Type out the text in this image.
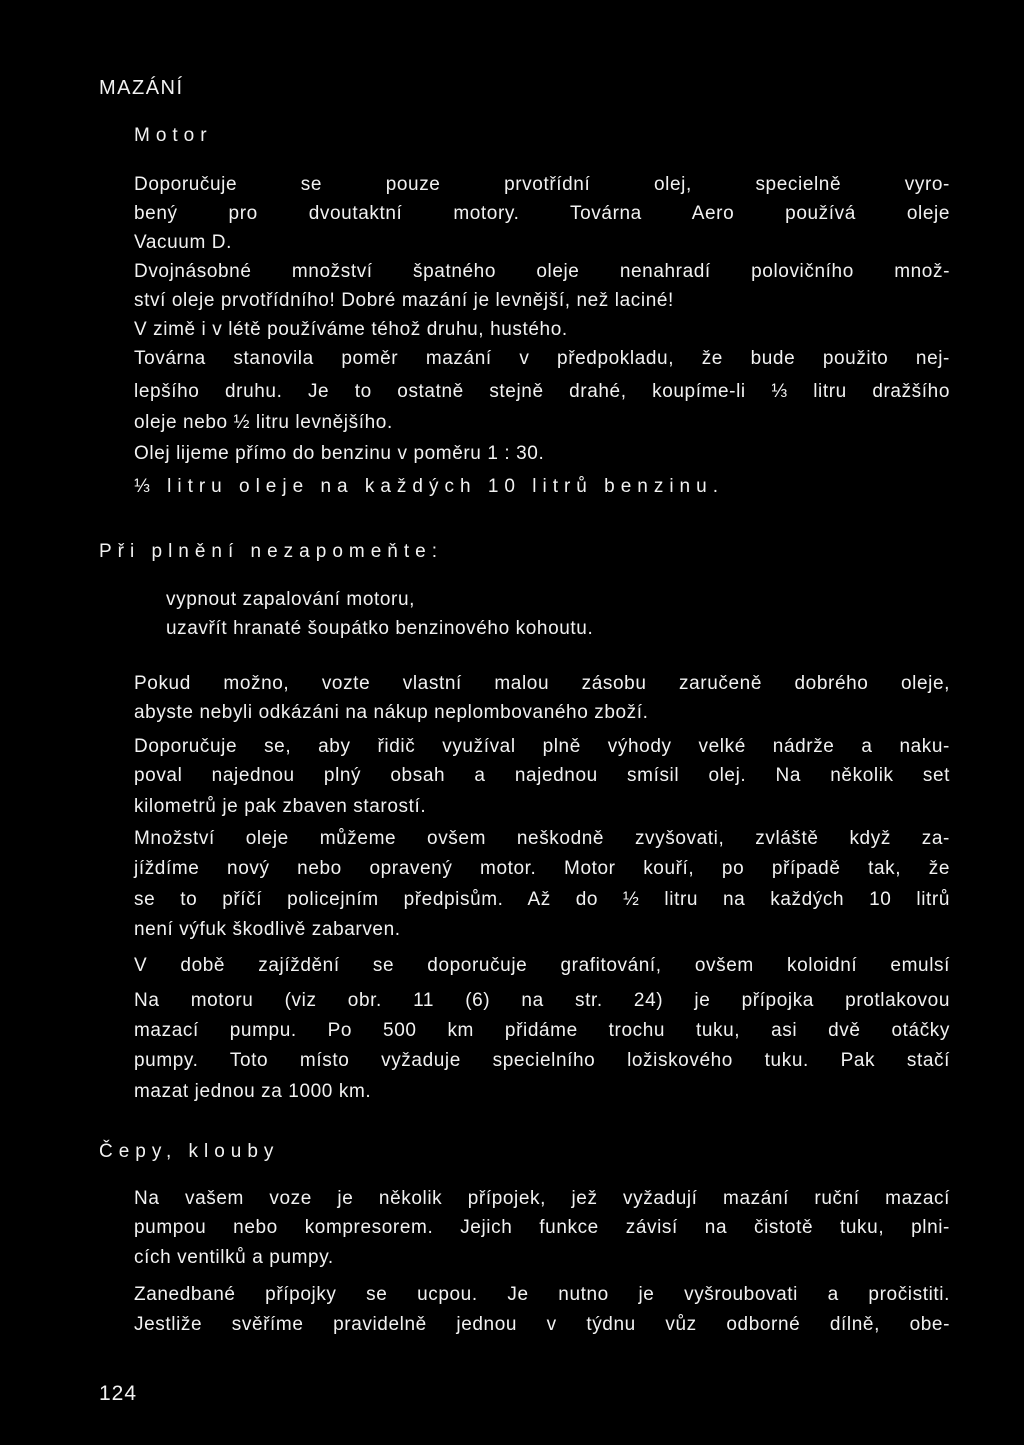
MAZÁNÍ
Motor
Doporučuje se pouze prvotřídní olej, specielně vyro-
bený pro dvoutaktní motory. Továrna Aero používá oleje
Vacuum D.
Dvojnásobné množství špatného oleje nenahradí polovičního množ-
ství oleje prvotřídního! Dobré mazání je levnější, než laciné!
V zimě i v létě používáme téhož druhu, hustého.
Továrna stanovila poměr mazání v předpokladu, že bude použito nej-
lepšího druhu. Je to ostatně stejně drahé, koupíme-li ⅓ litru dražšího
oleje nebo ½ litru levnějšího.
Olej lijeme přímo do benzinu v poměru 1 : 30.
⅓ litru oleje na každých 10 litrů benzinu.
Při plnění nezapomeňte:
vypnout zapalování motoru,
uzavřít hranaté šoupátko benzinového kohoutu.
Pokud možno, vozte vlastní malou zásobu zaručeně dobrého oleje,
abyste nebyli odkázáni na nákup neplombovaného zboží.
Doporučuje se, aby řidič využíval plně výhody velké nádrže a naku-
poval najednou plný obsah a najednou smísil olej. Na několik set
kilometrů je pak zbaven starostí.
Množství oleje můžeme ovšem neškodně zvyšovati, zvláště když za-
jíždíme nový nebo opravený motor. Motor kouří, po případě tak, že
se to příčí policejním předpisům. Až do ½ litru na každých 10 litrů
není výfuk škodlivě zabarven.
V době zajíždění se doporučuje grafitování, ovšem koloidní emulsí
Na motoru (viz obr. 11 (6) na str. 24) je přípojka protlakovou
mazací pumpu. Po 500 km přidáme trochu tuku, asi dvě otáčky
pumpy. Toto místo vyžaduje specielního ložiskového tuku. Pak stačí
mazat jednou za 1000 km.
Čepy, klouby
Na vašem voze je několik přípojek, jež vyžadují mazání ruční mazací
pumpou nebo kompresorem. Jejich funkce závisí na čistotě tuku, plni-
cích ventilků a pumpy.
Zanedbané přípojky se ucpou. Je nutno je vyšroubovati a pročistiti.
Jestliže svěříme pravidelně jednou v týdnu vůz odborné dílně, obe-
124
